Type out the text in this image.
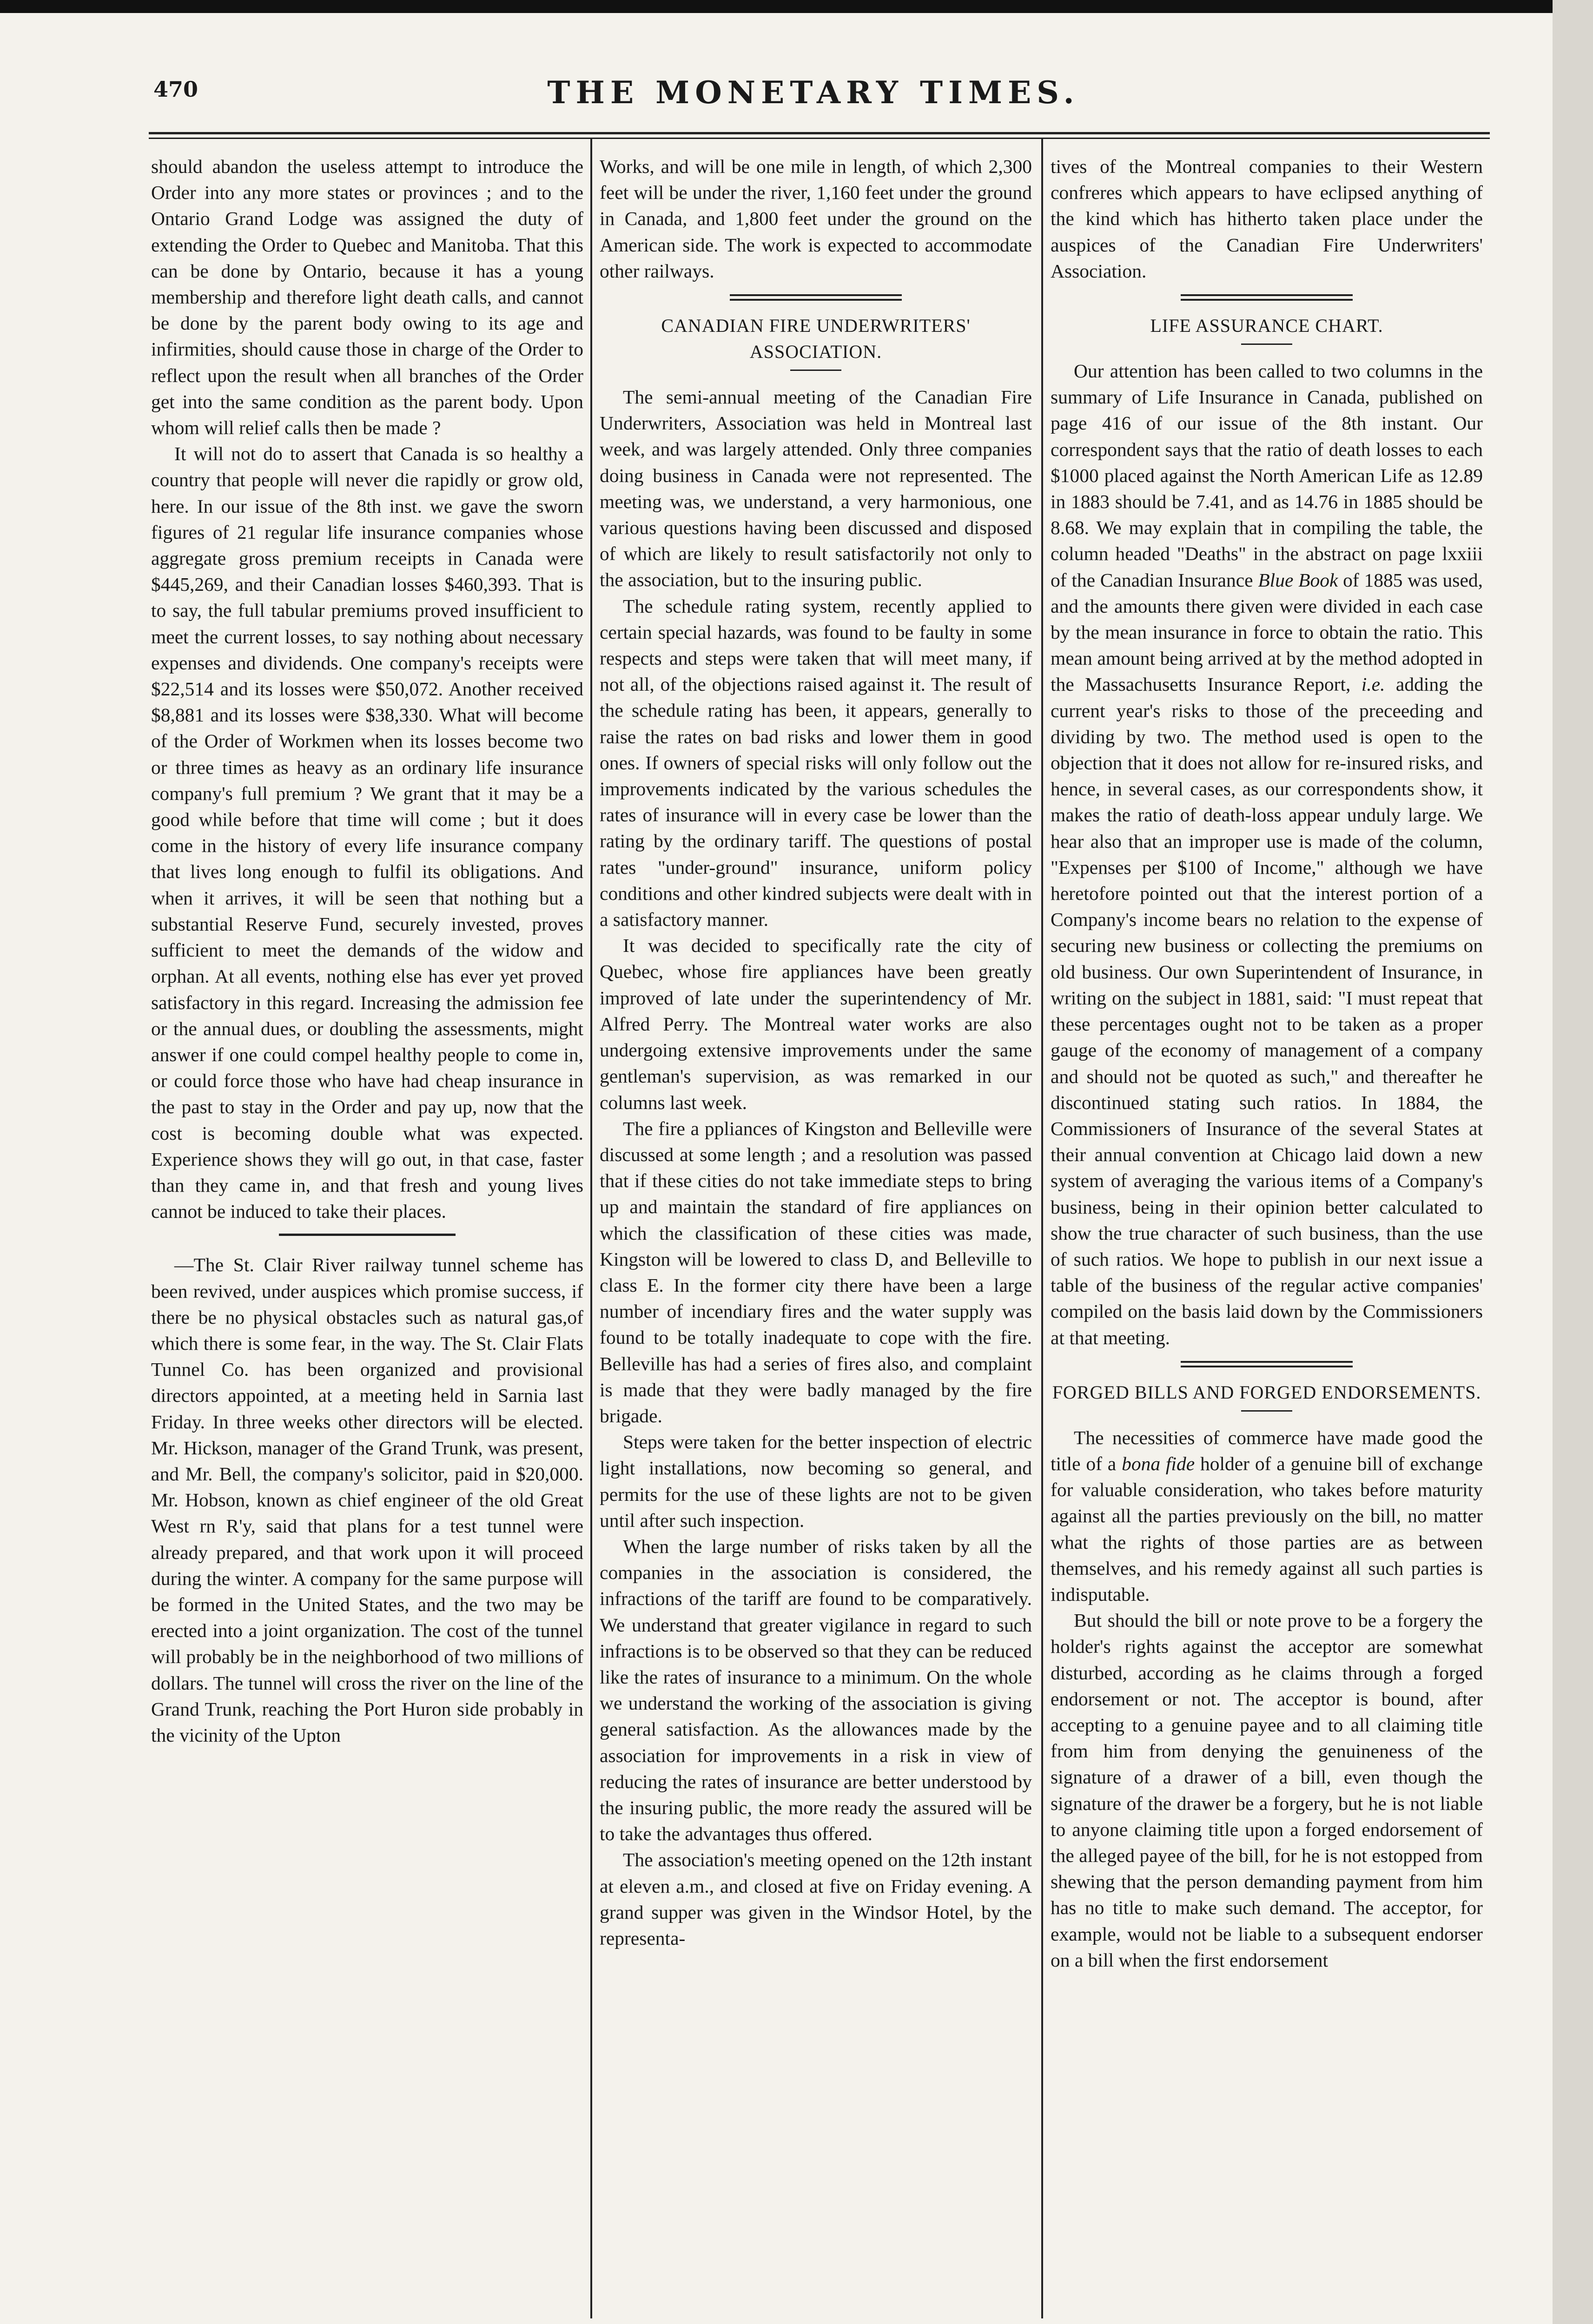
470	THE MONETARY TIMES.

should abandon the useless attempt to introduce the Order into any more states or provinces ; and to the Ontario Grand Lodge was assigned the duty of extending the Order to Quebec and Manitoba. That this can be done by Ontario, because it has a young membership and therefore light death calls, and cannot be done by the parent body owing to its age and infirmities, should cause those in charge of the Order to reflect upon the result when all branches of the Order get into the same condition as the parent body. Upon whom will relief calls then be made ?

It will not do to assert that Canada is so healthy a country that people will never die rapidly or grow old, here. In our issue of the 8th inst. we gave the sworn figures of 21 regular life insurance companies whose aggregate gross premium receipts in Canada were $445,269, and their Canadian losses $460,393. That is to say, the full tabular premiums proved insufficient to meet the current losses, to say nothing about necessary expenses and dividends. One company's receipts were $22,514 and its losses were $50,072. Another received $8,881 and its losses were $38,330. What will become of the Order of Workmen when its losses become two or three times as heavy as an ordinary life insurance company's full premium ? We grant that it may be a good while before that time will come ; but it does come in the history of every life insurance company that lives long enough to fulfil its obligations. And when it arrives, it will be seen that nothing but a substantial Reserve Fund, securely invested, proves sufficient to meet the demands of the widow and orphan. At all events, nothing else has ever yet proved satisfactory in this regard. Increasing the admission fee or the annual dues, or doubling the assessments, might answer if one could compel healthy people to come in, or could force those who have had cheap insurance in the past to stay in the Order and pay up, now that the cost is becoming double what was expected. Experience shows they will go out, in that case, faster than they came in, and that fresh and young lives cannot be induced to take their places.

—The St. Clair River railway tunnel scheme has been revived, under auspices which promise success, if there be no physical obstacles such as natural gas,of which there is some fear, in the way. The St. Clair Flats Tunnel Co. has been organized and provisional directors appointed, at a meeting held in Sarnia last Friday. In three weeks other directors will be elected. Mr. Hickson, manager of the Grand Trunk, was present, and Mr. Bell, the company's solicitor, paid in $20,000. Mr. Hobson, known as chief engineer of the old Great West rn R'y, said that plans for a test tunnel were already prepared, and that work upon it will proceed during the winter. A company for the same purpose will be formed in the United States, and the two may be erected into a joint organization. The cost of the tunnel will probably be in the neighborhood of two millions of dollars. The tunnel will cross the river on the line of the Grand Trunk, reaching the Port Huron side probably in the vicinity of the Upton

Works, and will be one mile in length, of which 2,300 feet will be under the river, 1,160 feet under the ground in Canada, and 1,800 feet under the ground on the American side. The work is expected to accommodate other railways.

CANADIAN FIRE UNDERWRITERS' ASSOCIATION.

The semi-annual meeting of the Canadian Fire Underwriters, Association was held in Montreal last week, and was largely attended. Only three companies doing business in Canada were not represented. The meeting was, we understand, a very harmonious, one various questions having been discussed and disposed of which are likely to result satisfactorily not only to the association, but to the insuring public.

The schedule rating system, recently applied to certain special hazards, was found to be faulty in some respects and steps were taken that will meet many, if not all, of the objections raised against it. The result of the schedule rating has been, it appears, generally to raise the rates on bad risks and lower them in good ones. If owners of special risks will only follow out the improvements indicated by the various schedules the rates of insurance will in every case be lower than the rating by the ordinary tariff. The questions of postal rates "under-ground" insurance, uniform policy conditions and other kindred subjects were dealt with in a satisfactory manner.

It was decided to specifically rate the city of Quebec, whose fire appliances have been greatly improved of late under the superintendency of Mr. Alfred Perry. The Montreal water works are also undergoing extensive improvements under the same gentleman's supervision, as was remarked in our columns last week.

The fire a ppliances of Kingston and Belleville were discussed at some length ; and a resolution was passed that if these cities do not take immediate steps to bring up and maintain the standard of fire appliances on which the classification of these cities was made, Kingston will be lowered to class D, and Belleville to class E. In the former city there have been a large number of incendiary fires and the water supply was found to be totally inadequate to cope with the fire. Belleville has had a series of fires also, and complaint is made that they were badly managed by the fire brigade.

Steps were taken for the better inspection of electric light installations, now becoming so general, and permits for the use of these lights are not to be given until after such inspection.

When the large number of risks taken by all the companies in the association is considered, the infractions of the tariff are found to be comparatively. We understand that greater vigilance in regard to such infractions is to be observed so that they can be reduced like the rates of insurance to a minimum. On the whole we understand the working of the association is giving general satisfaction. As the allowances made by the association for improvements in a risk in view of reducing the rates of insurance are better understood by the insuring public, the more ready the assured will be to take the advantages thus offered.

The association's meeting opened on the 12th instant at eleven a.m., and closed at five on Friday evening. A grand supper was given in the Windsor Hotel, by the representa-

tives of the Montreal companies to their Western confreres which appears to have eclipsed anything of the kind which has hitherto taken place under the auspices of the Canadian Fire Underwriters' Association.

LIFE ASSURANCE CHART.

Our attention has been called to two columns in the summary of Life Insurance in Canada, published on page 416 of our issue of the 8th instant. Our correspondent says that the ratio of death losses to each $1000 placed against the North American Life as 12.89 in 1883 should be 7.41, and as 14.76 in 1885 should be 8.68. We may explain that in compiling the table, the column headed "Deaths" in the abstract on page lxxiii of the Canadian Insurance Blue Book of 1885 was used, and the amounts there given were divided in each case by the mean insurance in force to obtain the ratio. This mean amount being arrived at by the method adopted in the Massachusetts Insurance Report, i.e. adding the current year's risks to those of the preceeding and dividing by two. The method used is open to the objection that it does not allow for re-insured risks, and hence, in several cases, as our correspondents show, it makes the ratio of death-loss appear unduly large. We hear also that an improper use is made of the column, "Expenses per $100 of Income," although we have heretofore pointed out that the interest portion of a Company's income bears no relation to the expense of securing new business or collecting the premiums on old business. Our own Superintendent of Insurance, in writing on the subject in 1881, said: "I must repeat that these percentages ought not to be taken as a proper gauge of the economy of management of a company and should not be quoted as such," and thereafter he discontinued stating such ratios. In 1884, the Commissioners of Insurance of the several States at their annual convention at Chicago laid down a new system of averaging the various items of a Company's business, being in their opinion better calculated to show the true character of such business, than the use of such ratios. We hope to publish in our next issue a table of the business of the regular active companies' compiled on the basis laid down by the Commissioners at that meeting.

FORGED BILLS AND FORGED ENDORSEMENTS.

The necessities of commerce have made good the title of a bona fide holder of a genuine bill of exchange for valuable consideration, who takes before maturity against all the parties previously on the bill, no matter what the rights of those parties are as between themselves, and his remedy against all such parties is indisputable.

But should the bill or note prove to be a forgery the holder's rights against the acceptor are somewhat disturbed, according as he claims through a forged endorsement or not. The acceptor is bound, after accepting to a genuine payee and to all claiming title from him from denying the genuineness of the signature of a drawer of a bill, even though the signature of the drawer be a forgery, but he is not liable to anyone claiming title upon a forged endorsement of the alleged payee of the bill, for he is not estopped from shewing that the person demanding payment from him has no title to make such demand. The acceptor, for example, would not be liable to a subsequent endorser on a bill when the first endorsement
